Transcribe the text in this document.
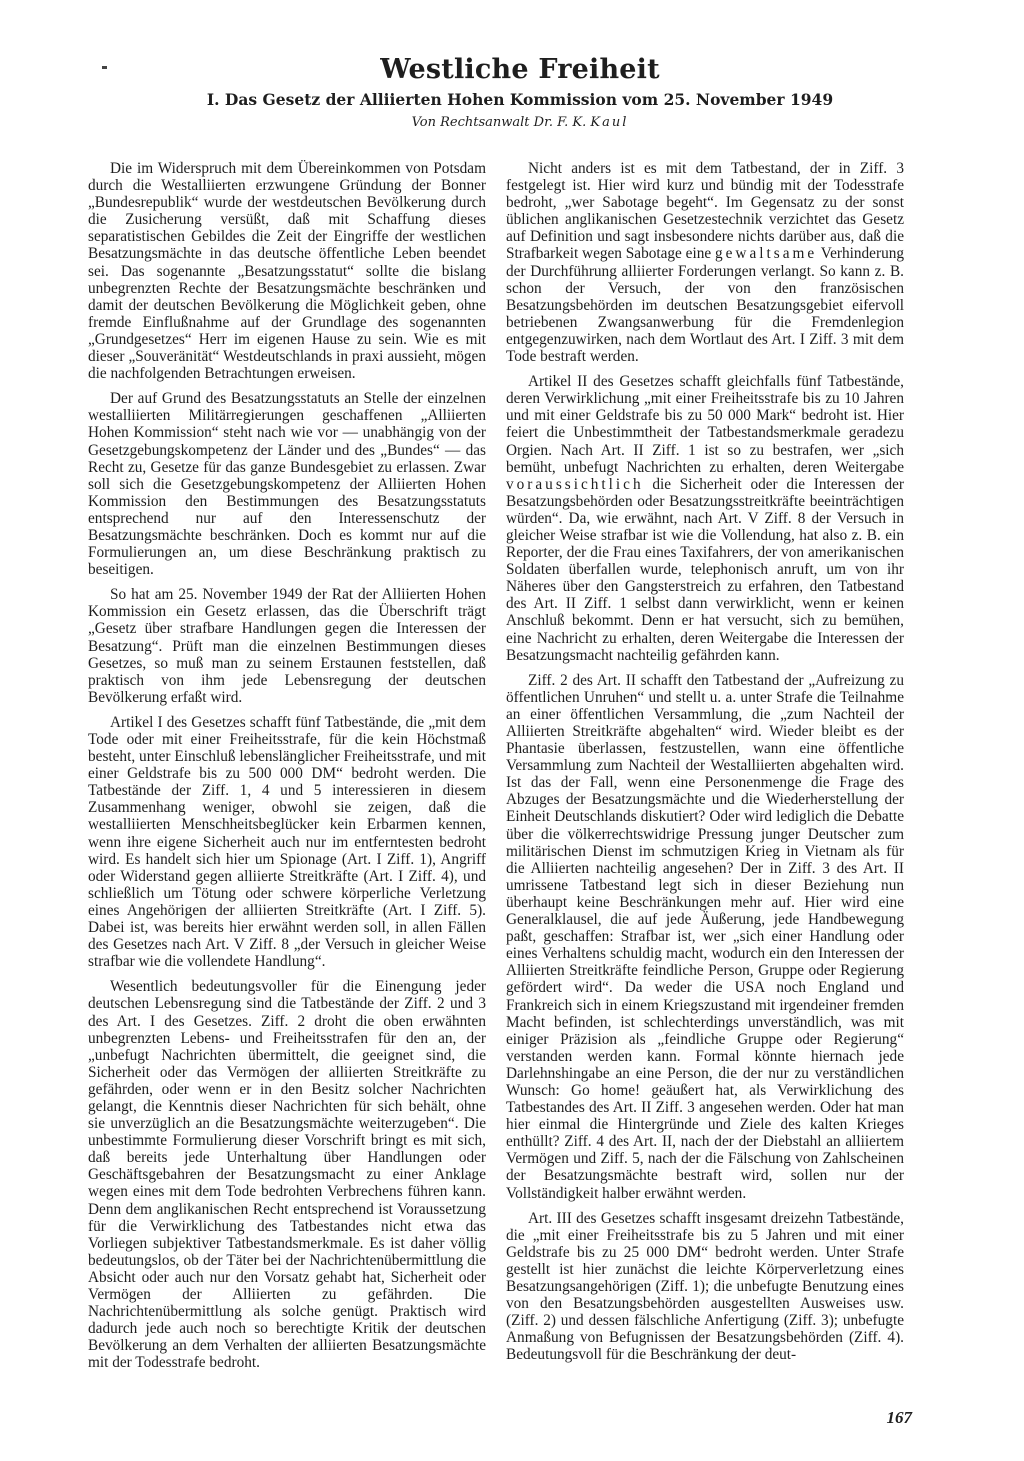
Westliche Freiheit
I. Das Gesetz der Alliierten Hohen Kommission vom 25. November 1949

Von Rechtsanwalt Dr. F. K. Kaul

Die im Widerspruch mit dem Übereinkommen von Potsdam durch die Westalliierten erzwungene Gründung der Bonner „Bundesrepublik“ wurde der westdeutschen Bevölkerung durch die Zusicherung versüßt, daß mit Schaffung dieses separatistischen Gebildes die Zeit der Eingriffe der westlichen Besatzungsmächte in das deutsche öffentliche Leben beendet sei. Das sogenannte „Besatzungsstatut“ sollte die bislang unbegrenzten Rechte der Besatzungsmächte beschränken und damit der deutschen Bevölkerung die Möglichkeit geben, ohne fremde Einflußnahme auf der Grundlage des sogenannten „Grundgesetzes“ Herr im eigenen Hause zu sein. Wie es mit dieser „Souveränität“ Westdeutschlands in praxi aussieht, mögen die nachfolgenden Betrachtungen erweisen.

Der auf Grund des Besatzungsstatuts an Stelle der einzelnen westalliierten Militärregierungen geschaffenen „Alliierten Hohen Kommission“ steht nach wie vor — unabhängig von der Gesetzgebungskompetenz der Länder und des „Bundes“ — das Recht zu, Gesetze für das ganze Bundesgebiet zu erlassen. Zwar soll sich die Gesetzgebungskompetenz der Alliierten Hohen Kommission den Bestimmungen des Besatzungsstatuts entsprechend nur auf den Interessenschutz der Besatzungsmächte beschränken. Doch es kommt nur auf die Formulierungen an, um diese Beschränkung praktisch zu beseitigen.

So hat am 25. November 1949 der Rat der Alliierten Hohen Kommission ein Gesetz erlassen, das die Überschrift trägt „Gesetz über strafbare Handlungen gegen die Interessen der Besatzung“. Prüft man die einzelnen Bestimmungen dieses Gesetzes, so muß man zu seinem Erstaunen feststellen, daß praktisch von ihm jede Lebensregung der deutschen Bevölkerung erfaßt wird.

Artikel I des Gesetzes schafft fünf Tatbestände, die „mit dem Tode oder mit einer Freiheitsstrafe, für die kein Höchstmaß besteht, unter Einschluß lebenslänglicher Freiheitsstrafe, und mit einer Geldstrafe bis zu 500 000 DM“ bedroht werden. Die Tatbestände der Ziff. 1, 4 und 5 interessieren in diesem Zusammenhang weniger, obwohl sie zeigen, daß die westalliierten Menschheitsbeglücker kein Erbarmen kennen, wenn ihre eigene Sicherheit auch nur im entferntesten bedroht wird. Es handelt sich hier um Spionage (Art. I Ziff. 1), Angriff oder Widerstand gegen alliierte Streitkräfte (Art. I Ziff. 4), und schließlich um Tötung oder schwere körperliche Verletzung eines Angehörigen der alliierten Streitkräfte (Art. I Ziff. 5). Dabei ist, was bereits hier erwähnt werden soll, in allen Fällen des Gesetzes nach Art. V Ziff. 8 „der Versuch in gleicher Weise strafbar wie die vollendete Handlung“.

Wesentlich bedeutungsvoller für die Einengung jeder deutschen Lebensregung sind die Tatbestände der Ziff. 2 und 3 des Art. I des Gesetzes. Ziff. 2 droht die oben erwähnten unbegrenzten Lebens- und Freiheitsstrafen für den an, der „unbefugt Nachrichten übermittelt, die geeignet sind, die Sicherheit oder das Vermögen der alliierten Streitkräfte zu gefährden, oder wenn er in den Besitz solcher Nachrichten gelangt, die Kenntnis dieser Nachrichten für sich behält, ohne sie unverzüglich an die Besatzungsmächte weiterzugeben“. Die unbestimmte Formulierung dieser Vorschrift bringt es mit sich, daß bereits jede Unterhaltung über Handlungen oder Geschäftsgebahren der Besatzungsmacht zu einer Anklage wegen eines mit dem Tode bedrohten Verbrechens führen kann. Denn dem anglikanischen Recht entsprechend ist Voraussetzung für die Verwirklichung des Tatbestandes nicht etwa das Vorliegen subjektiver Tatbestandsmerkmale. Es ist daher völlig bedeutungslos, ob der Täter bei der Nachrichtenübermittlung die Absicht oder auch nur den Vorsatz gehabt hat, Sicherheit oder Vermögen der Alliierten zu gefährden. Die Nachrichtenübermittlung als solche genügt. Praktisch wird dadurch jede auch noch so berechtigte Kritik der deutschen Bevölkerung an dem Verhalten der alliierten Besatzungsmächte mit der Todesstrafe bedroht.

Nicht anders ist es mit dem Tatbestand, der in Ziff. 3 festgelegt ist. Hier wird kurz und bündig mit der Todesstrafe bedroht, „wer Sabotage begeht“. Im Gegensatz zu der sonst üblichen anglikanischen Gesetzestechnik verzichtet das Gesetz auf Definition und sagt insbesondere nichts darüber aus, daß die Strafbarkeit wegen Sabotage eine gewaltsame Verhinderung der Durchführung alliierter Forderungen verlangt. So kann z. B. schon der Versuch, der von den französischen Besatzungsbehörden im deutschen Besatzungsgebiet eifervoll betriebenen Zwangsanwerbung für die Fremdenlegion entgegenzuwirken, nach dem Wortlaut des Art. I Ziff. 3 mit dem Tode bestraft werden.

Artikel II des Gesetzes schafft gleichfalls fünf Tatbestände, deren Verwirklichung „mit einer Freiheitsstrafe bis zu 10 Jahren und mit einer Geldstrafe bis zu 50 000 Mark“ bedroht ist. Hier feiert die Unbestimmtheit der Tatbestandsmerkmale geradezu Orgien. Nach Art. II Ziff. 1 ist so zu bestrafen, wer „sich bemüht, unbefugt Nachrichten zu erhalten, deren Weitergabe voraussichtlich die Sicherheit oder die Interessen der Besatzungsbehörden oder Besatzungsstreitkräfte beeinträchtigen würden“. Da, wie erwähnt, nach Art. V Ziff. 8 der Versuch in gleicher Weise strafbar ist wie die Vollendung, hat also z. B. ein Reporter, der die Frau eines Taxifahrers, der von amerikanischen Soldaten überfallen wurde, telephonisch anruft, um von ihr Näheres über den Gangsterstreich zu erfahren, den Tatbestand des Art. II Ziff. 1 selbst dann verwirklicht, wenn er keinen Anschluß bekommt. Denn er hat versucht, sich zu bemühen, eine Nachricht zu erhalten, deren Weitergabe die Interessen der Besatzungsmacht nachteilig gefährden kann.

Ziff. 2 des Art. II schafft den Tatbestand der „Aufreizung zu öffentlichen Unruhen“ und stellt u. a. unter Strafe die Teilnahme an einer öffentlichen Versammlung, die „zum Nachteil der Alliierten Streitkräfte abgehalten“ wird. Wieder bleibt es der Phantasie überlassen, festzustellen, wann eine öffentliche Versammlung zum Nachteil der Westalliierten abgehalten wird. Ist das der Fall, wenn eine Personenmenge die Frage des Abzuges der Besatzungsmächte und die Wiederherstellung der Einheit Deutschlands diskutiert? Oder wird lediglich die Debatte über die völkerrechtswidrige Pressung junger Deutscher zum militärischen Dienst im schmutzigen Krieg in Vietnam als für die Alliierten nachteilig angesehen? Der in Ziff. 3 des Art. II umrissene Tatbestand legt sich in dieser Beziehung nun überhaupt keine Beschränkungen mehr auf. Hier wird eine Generalklausel, die auf jede Äußerung, jede Handbewegung paßt, geschaffen: Strafbar ist, wer „sich einer Handlung oder eines Verhaltens schuldig macht, wodurch ein den Interessen der Alliierten Streitkräfte feindliche Person, Gruppe oder Regierung gefördert wird“. Da weder die USA noch England und Frankreich sich in einem Kriegszustand mit irgendeiner fremden Macht befinden, ist schlechterdings unverständlich, was mit einiger Präzision als „feindliche Gruppe oder Regierung“ verstanden werden kann. Formal könnte hiernach jede Darlehnshingabe an eine Person, die der nur zu verständlichen Wunsch: Go home! geäußert hat, als Verwirklichung des Tatbestandes des Art. II Ziff. 3 angesehen werden. Oder hat man hier einmal die Hintergründe und Ziele des kalten Krieges enthüllt? Ziff. 4 des Art. II, nach der der Diebstahl an alliiertem Vermögen und Ziff. 5, nach der die Fälschung von Zahlscheinen der Besatzungsmächte bestraft wird, sollen nur der Vollständigkeit halber erwähnt werden.

Art. III des Gesetzes schafft insgesamt dreizehn Tatbestände, die „mit einer Freiheitsstrafe bis zu 5 Jahren und mit einer Geldstrafe bis zu 25 000 DM“ bedroht werden. Unter Strafe gestellt ist hier zunächst die leichte Körperverletzung eines Besatzungsangehörigen (Ziff. 1); die unbefugte Benutzung eines von den Besatzungsbehörden ausgestellten Ausweises usw. (Ziff. 2) und dessen fälschliche Anfertigung (Ziff. 3); unbefugte Anmaßung von Befugnissen der Besatzungsbehörden (Ziff. 4). Bedeutungsvoll für die Beschränkung der deut-

167
